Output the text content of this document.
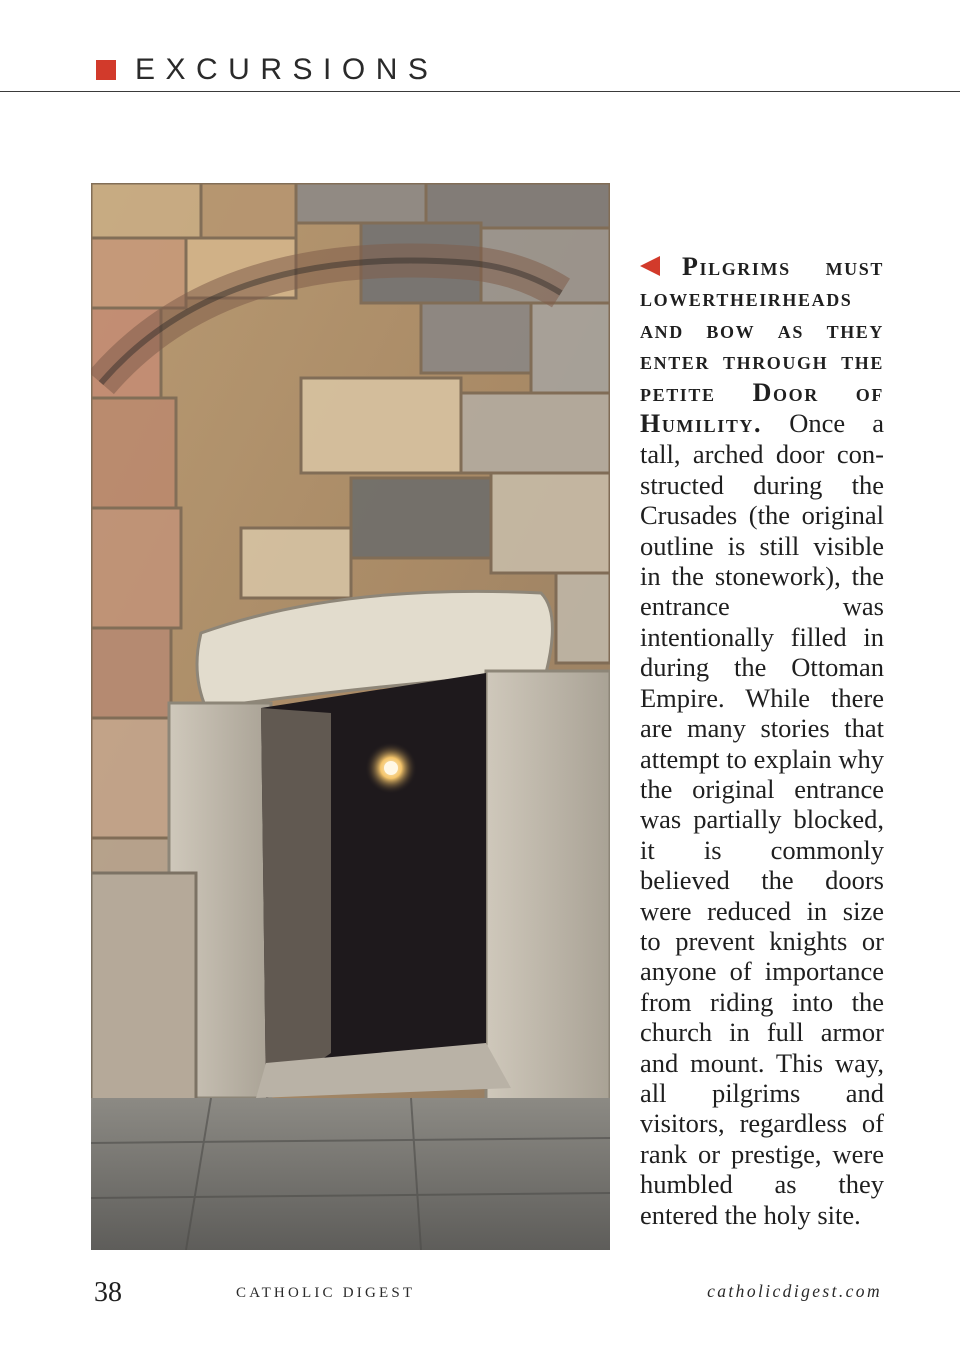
EXCURSIONS
Pilgrims must lowertheirheads and bow as they enter through the petite Door of Humility. Once a tall, arched door constructed during the Crusades (the original outline is still visible in the stonework), the entrance was intentionally filled in during the Ottoman Empire. While there are many stories that attempt to explain why the original entrance was partially blocked, it is commonly believed the doors were reduced in size to prevent knights or anyone of importance from riding into the church in full armor and mount. This way, all pilgrims and visitors, regardless of rank or prestige, were humbled as they entered the holy site.
38	CATHOLIC DIGEST	catholicdigest.com
